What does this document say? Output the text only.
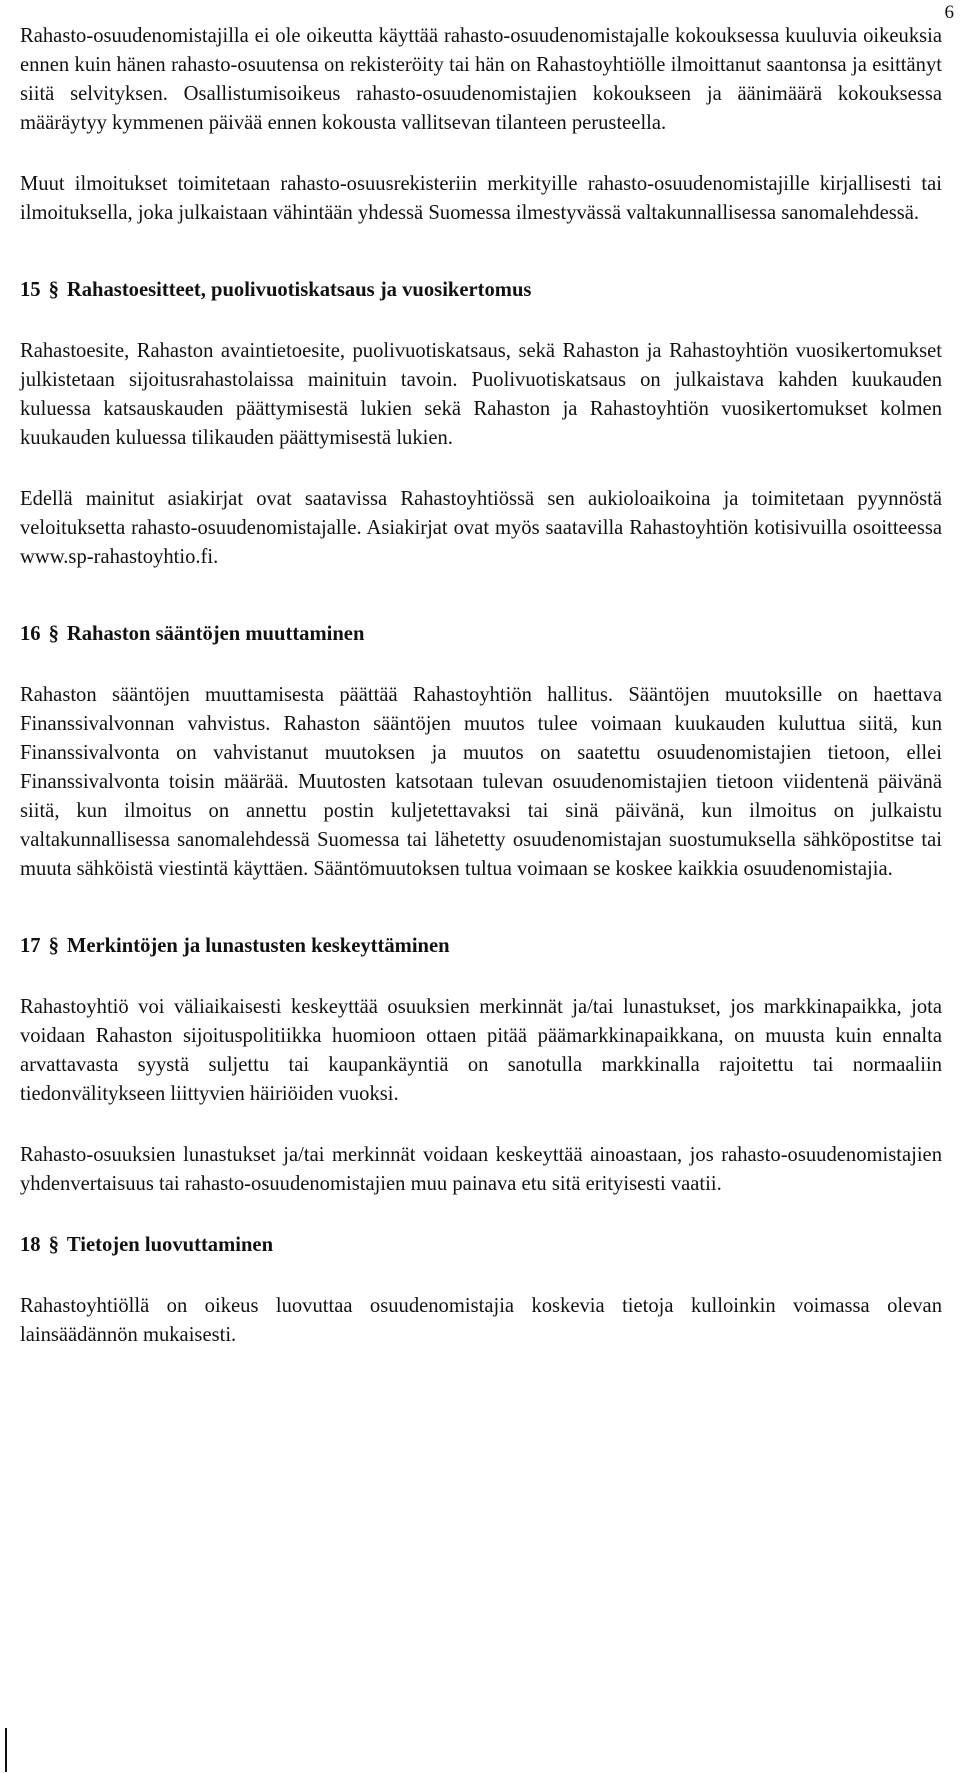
6

Rahasto-osuudenomistajilla ei ole oikeutta käyttää rahasto-osuudenomistajalle kokouksessa kuuluvia oikeuksia ennen kuin hänen rahasto-osuutensa on rekisteröity tai hän on Rahastoyhtiölle ilmoittanut saantonsa ja esittänyt siitä selvityksen. Osallistumisoikeus rahasto-osuudenomistajien kokoukseen ja äänimäärä kokouksessa määräytyy kymmenen päivää ennen kokousta vallitsevan tilanteen perusteella.

Muut ilmoitukset toimitetaan rahasto-osuusrekisteriin merkityille rahasto-osuudenomistajille kirjallisesti tai ilmoituksella, joka julkaistaan vähintään yhdessä Suomessa ilmestyvässä valtakunnallisessa sanomalehdessä.

15 § Rahastoesitteet, puolivuotiskatsaus ja vuosikertomus

Rahastoesite, Rahaston avaintietoesite, puolivuotiskatsaus, sekä Rahaston ja Rahastoyhtiön vuosikertomukset julkistetaan sijoitusrahastolaissa mainituin tavoin. Puolivuotiskatsaus on julkaistava kahden kuukauden kuluessa katsauskauden päättymisestä lukien sekä Rahaston ja Rahastoyhtiön vuosikertomukset kolmen kuukauden kuluessa tilikauden päättymisestä lukien.

Edellä mainitut asiakirjat ovat saatavissa Rahastoyhtiössä sen aukioloaikoina ja toimitetaan pyynnöstä veloituksetta rahasto-osuudenomistajalle. Asiakirjat ovat myös saatavilla Rahastoyhtiön kotisivuilla osoitteessa www.sp-rahastoyhtio.fi.

16 § Rahaston sääntöjen muuttaminen

Rahaston sääntöjen muuttamisesta päättää Rahastoyhtiön hallitus. Sääntöjen muutoksille on haettava Finanssivalvonnan vahvistus. Rahaston sääntöjen muutos tulee voimaan kuukauden kuluttua siitä, kun Finanssivalvonta on vahvistanut muutoksen ja muutos on saatettu osuudenomistajien tietoon, ellei Finanssivalvonta toisin määrää. Muutosten katsotaan tulevan osuudenomistajien tietoon viidentenä päivänä siitä, kun ilmoitus on annettu postin kuljetettavaksi tai sinä päivänä, kun ilmoitus on julkaistu valtakunnallisessa sanomalehdessä Suomessa tai lähetetty osuudenomistajan suostumuksella sähköpostitse tai muuta sähköistä viestintä käyttäen. Sääntömuutoksen tultua voimaan se koskee kaikkia osuudenomistajia.

17 § Merkintöjen ja lunastusten keskeyttäminen

Rahastoyhtiö voi väliaikaisesti keskeyttää osuuksien merkinnät ja/tai lunastukset, jos markkinapaikka, jota voidaan Rahaston sijoituspolitiikka huomioon ottaen pitää päämarkkinapaikkana, on muusta kuin ennalta arvattavasta syystä suljettu tai kaupankäyntiä on sanotulla markkinalla rajoitettu tai normaaliin tiedonvälitykseen liittyvien häiriöiden vuoksi.

Rahasto-osuuksien lunastukset ja/tai merkinnät voidaan keskeyttää ainoastaan, jos rahasto-osuudenomistajien yhdenvertaisuus tai rahasto-osuudenomistajien muu painava etu sitä erityisesti vaatii.

18 § Tietojen luovuttaminen

Rahastoyhtiöllä on oikeus luovuttaa osuudenomistajia koskevia tietoja kulloinkin voimassa olevan lainsäädännön mukaisesti.
